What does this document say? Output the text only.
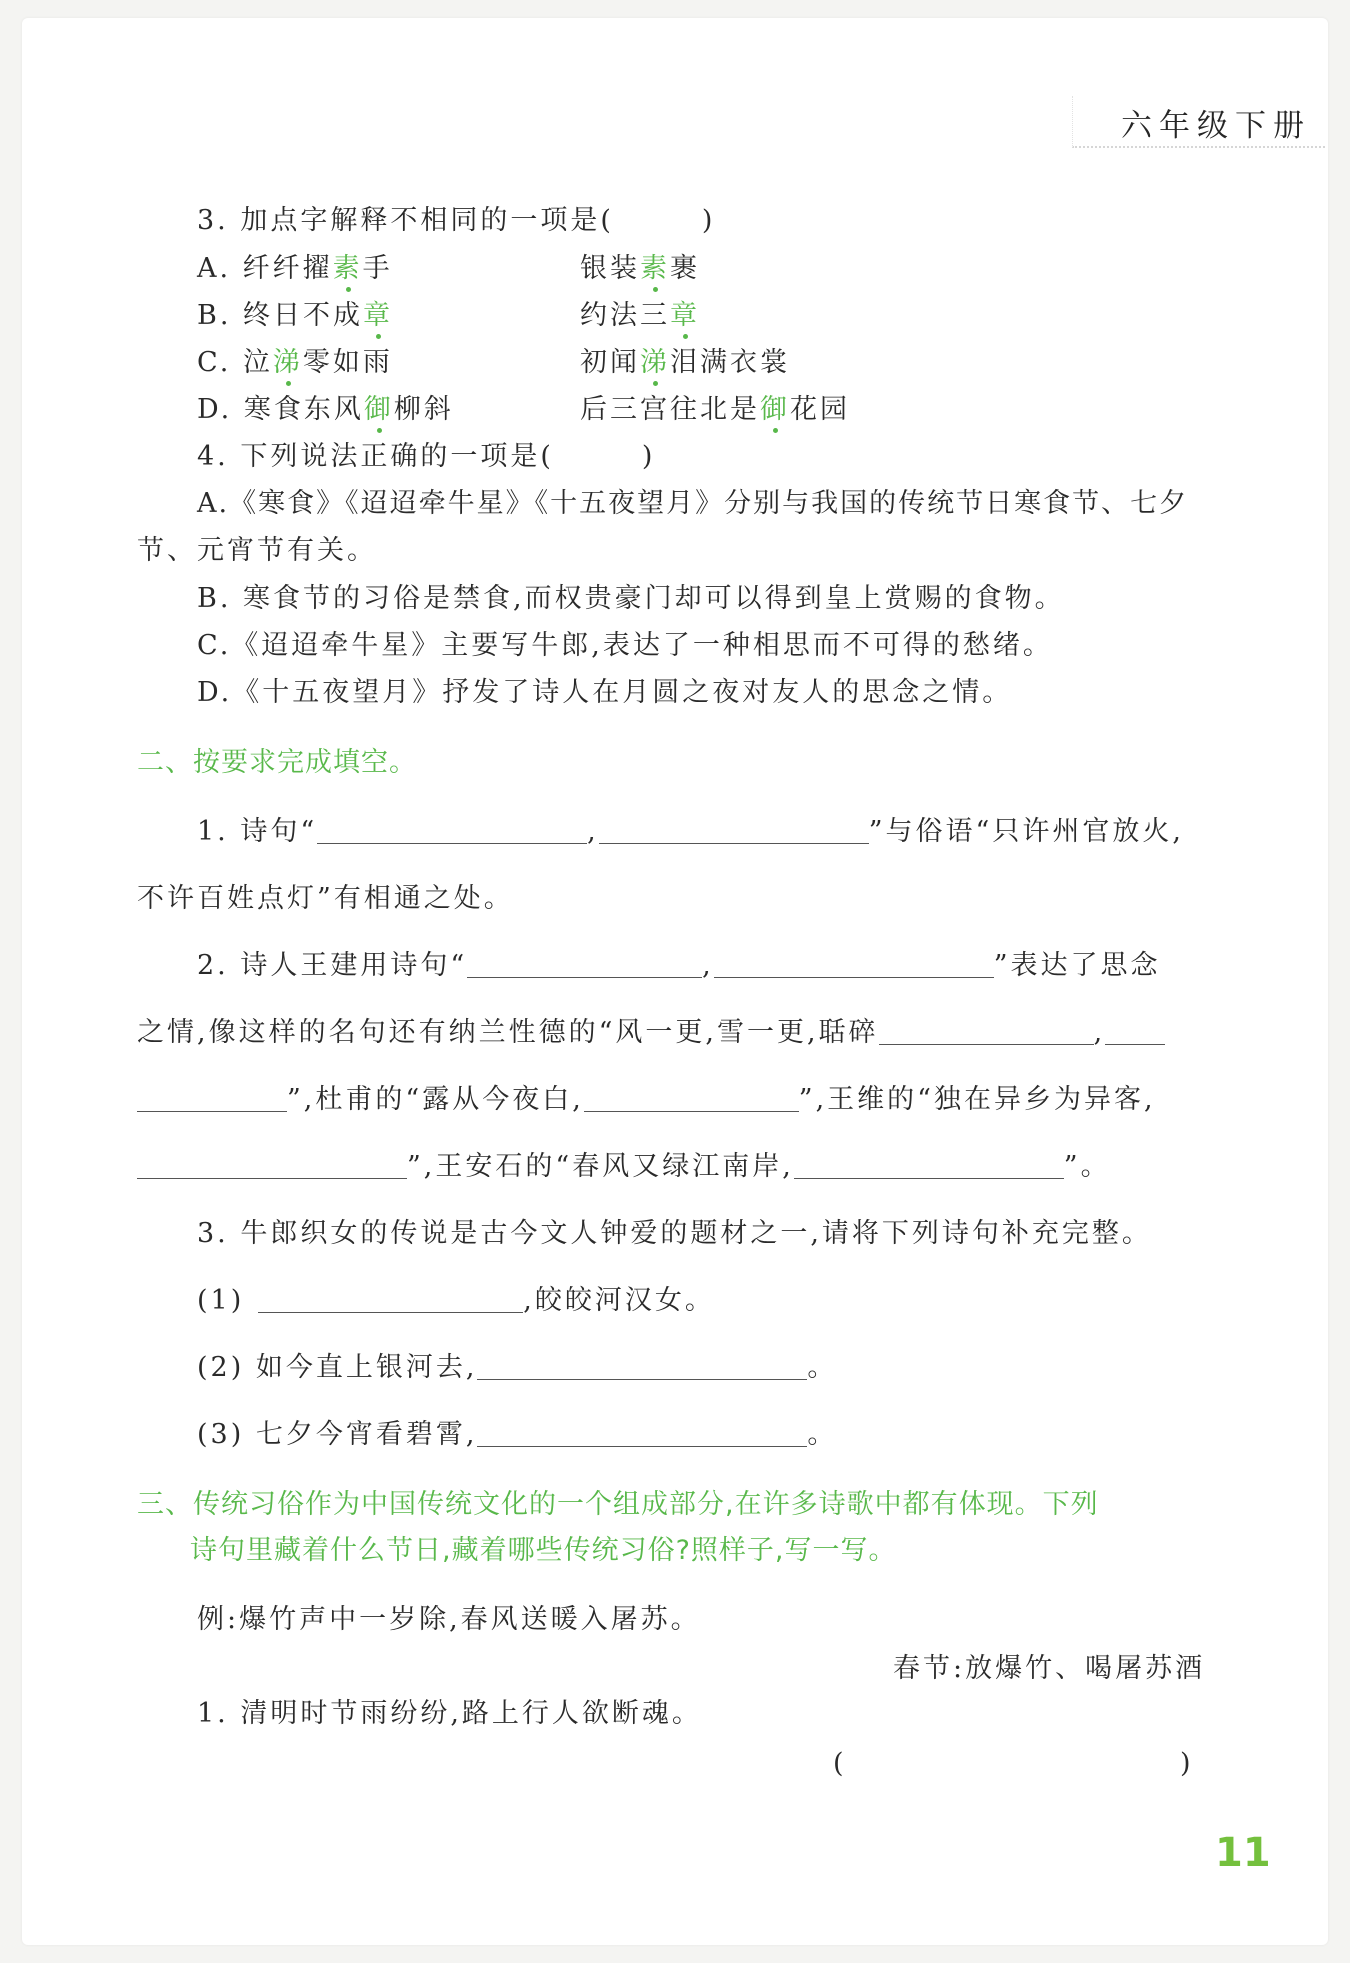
六年级下册
3. 加点字解释不相同的一项是(	)
A. 纤纤擢素手	银装素裹
B. 终日不成章	约法三章
C. 泣涕零如雨	初闻涕泪满衣裳
D. 寒食东风御柳斜	后三宫往北是御花园
4. 下列说法正确的一项是(	)
A.《寒食》《迢迢牵牛星》《十五夜望月》分别与我国的传统节日寒食节、七夕
节、元宵节有关。
B. 寒食节的习俗是禁食,而权贵豪门却可以得到皇上赏赐的食物。
C.《迢迢牵牛星》主要写牛郎,表达了一种相思而不可得的愁绪。
D.《十五夜望月》抒发了诗人在月圆之夜对友人的思念之情。
二、按要求完成填空。
1. 诗句“	,	”与俗语“只许州官放火,
不许百姓点灯”有相通之处。
2. 诗人王建用诗句“	,	”表达了思念
之情,像这样的名句还有纳兰性德的“风一更,雪一更,聒碎	,
”,杜甫的“露从今夜白,	”,王维的“独在异乡为异客,
”,王安石的“春风又绿江南岸,	”。
3. 牛郎织女的传说是古今文人钟爱的题材之一,请将下列诗句补充完整。
(1)	,皎皎河汉女。
(2) 如今直上银河去,	。
(3) 七夕今宵看碧霄,	。
三、传统习俗作为中国传统文化的一个组成部分,在许多诗歌中都有体现。下列
诗句里藏着什么节日,藏着哪些传统习俗?照样子,写一写。
例:爆竹声中一岁除,春风送暖入屠苏。
春节:放爆竹、喝屠苏酒
1. 清明时节雨纷纷,路上行人欲断魂。
(	)
11
